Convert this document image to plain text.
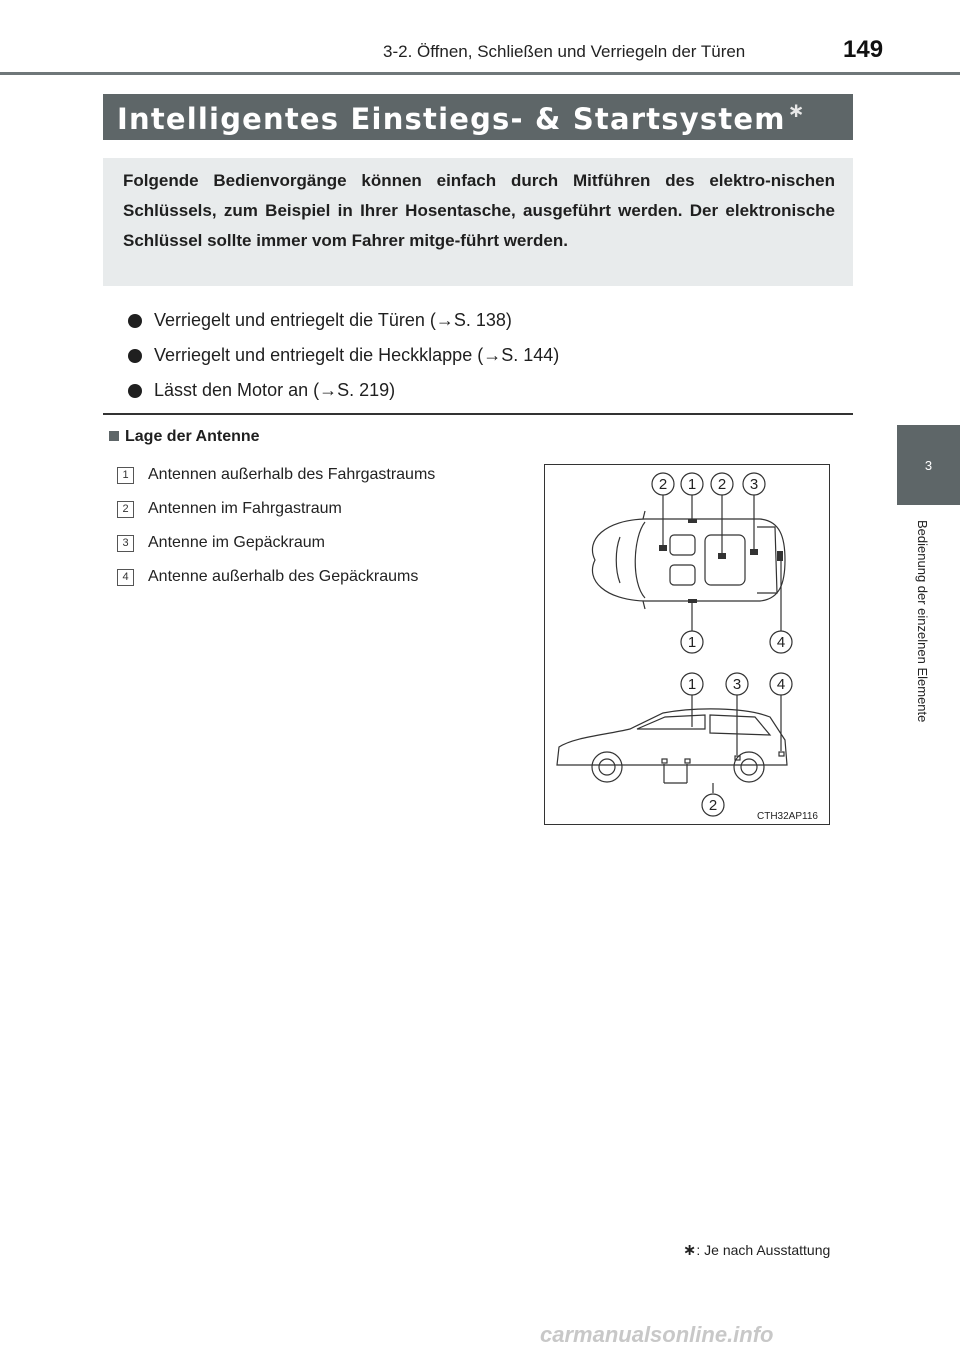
3-2. Öffnen, Schließen und Verriegeln der Türen	149
3
Bedienung der einzelnen Elemente
Intelligentes Einstiegs- & Startsystem ∗

Folgende Bedienvorgänge können einfach durch Mitführen des elektro-nischen Schlüssels, zum Beispiel in Ihrer Hosentasche, ausgeführt werden. Der elektronische Schlüssel sollte immer vom Fahrer mitge-führt werden.

Verriegelt und entriegelt die Türen (→S. 138)
Verriegelt und entriegelt die Heckklappe (→S. 144)
Lässt den Motor an (→S. 219)
Lage der Antenne
1	Antennen außerhalb des Fahrgastraums
2	Antennen im Fahrgastraum
3	Antenne im Gepäckraum
4	Antenne außerhalb des Gepäckraums
2 1 2 3
1	4
1 3 4
2
CTH32AP116
∗: Je nach Ausstattung
carmanualsonline.info
